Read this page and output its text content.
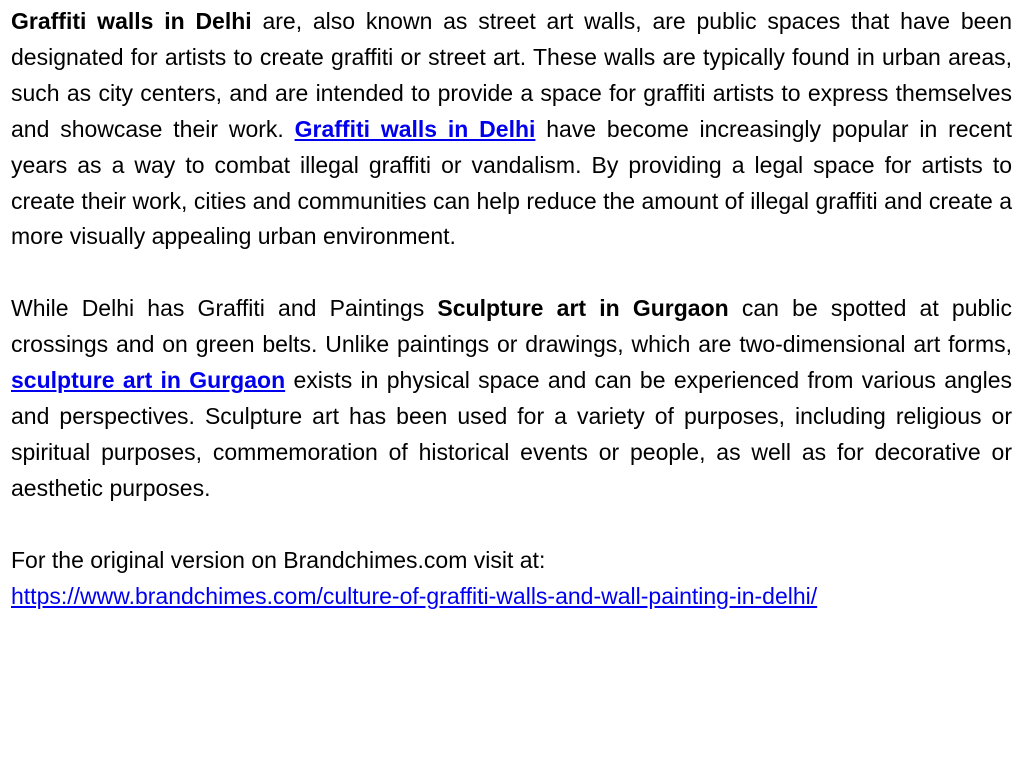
Graffiti walls in Delhi are, also known as street art walls, are public spaces that have been designated for artists to create graffiti or street art. These walls are typically found in urban areas, such as city centers, and are intended to provide a space for graffiti artists to express themselves and showcase their work. Graffiti walls in Delhi have become increasingly popular in recent years as a way to combat illegal graffiti or vandalism. By providing a legal space for artists to create their work, cities and communities can help reduce the amount of illegal graffiti and create a more visually appealing urban environment.

While Delhi has Graffiti and Paintings Sculpture art in Gurgaon can be spotted at public crossings and on green belts. Unlike paintings or drawings, which are two-dimensional art forms, sculpture art in Gurgaon exists in physical space and can be experienced from various angles and perspectives. Sculpture art has been used for a variety of purposes, including religious or spiritual purposes, commemoration of historical events or people, as well as for decorative or aesthetic purposes.

For the original version on Brandchimes.com visit at:

https://www.brandchimes.com/culture-of-graffiti-walls-and-wall-painting-in-delhi/
